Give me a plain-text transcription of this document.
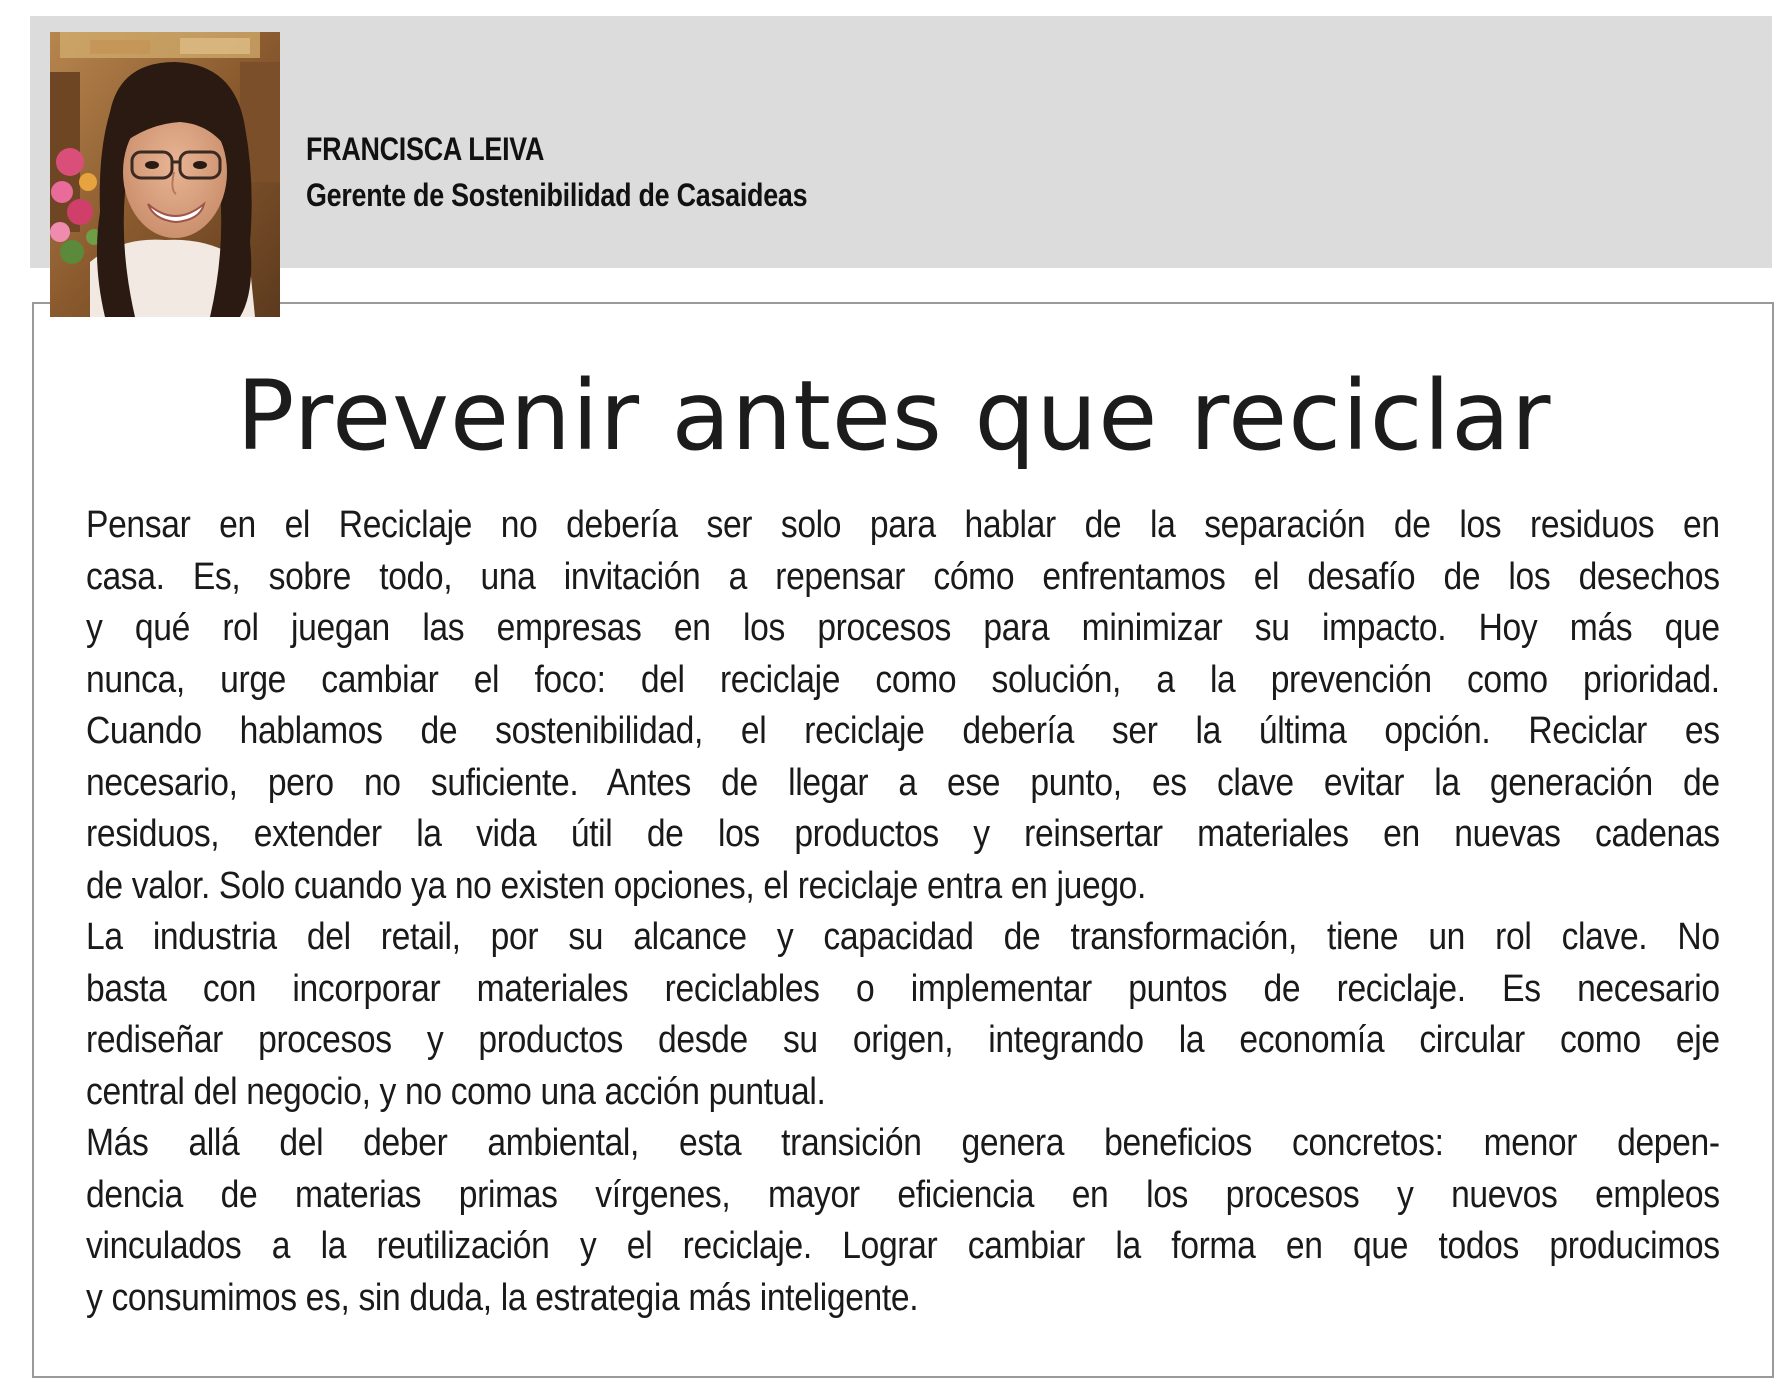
FRANCISCA LEIVA
Gerente de Sostenibilidad de Casaideas
Prevenir antes que reciclar
Pensar en el Reciclaje no debería ser solo para hablar de la separación de los residuos en
casa. Es, sobre todo, una invitación a repensar cómo enfrentamos el desafío de los desechos
y qué rol juegan las empresas en los procesos para minimizar su impacto. Hoy más que
nunca, urge cambiar el foco: del reciclaje como solución, a la prevención como prioridad.
Cuando hablamos de sostenibilidad, el reciclaje debería ser la última opción. Reciclar es
necesario, pero no suficiente. Antes de llegar a ese punto, es clave evitar la generación de
residuos, extender la vida útil de los productos y reinsertar materiales en nuevas cadenas
de valor. Solo cuando ya no existen opciones, el reciclaje entra en juego.
La industria del retail, por su alcance y capacidad de transformación, tiene un rol clave. No
basta con incorporar materiales reciclables o implementar puntos de reciclaje. Es necesario
rediseñar procesos y productos desde su origen, integrando la economía circular como eje
central del negocio, y no como una acción puntual.
Más allá del deber ambiental, esta transición genera beneficios concretos: menor depen-
dencia de materias primas vírgenes, mayor eficiencia en los procesos y nuevos empleos
vinculados a la reutilización y el reciclaje. Lograr cambiar la forma en que todos producimos
y consumimos es, sin duda, la estrategia más inteligente.
